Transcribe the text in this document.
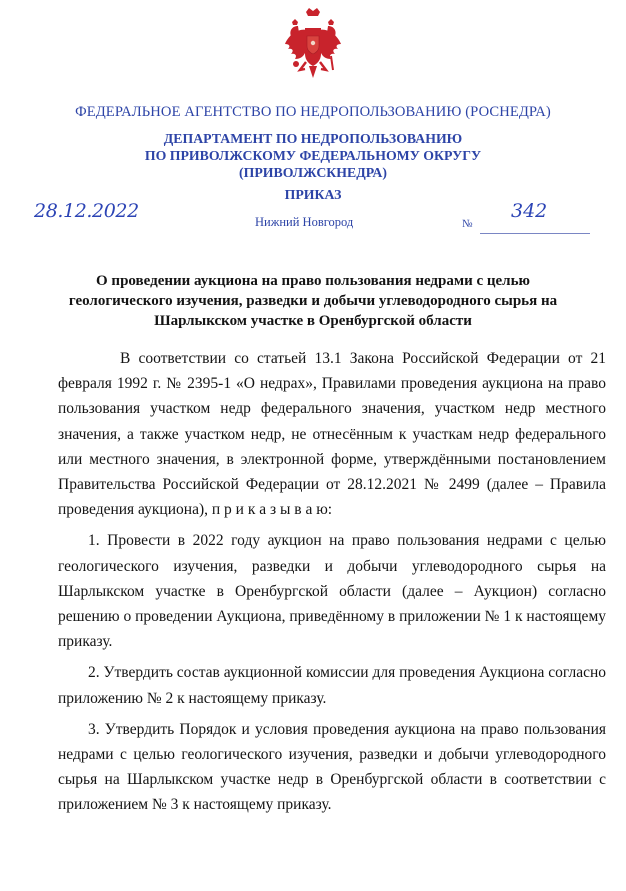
ФЕДЕРАЛЬНОЕ АГЕНТСТВО ПО НЕДРОПОЛЬЗОВАНИЮ (РОСНЕДРА)
ДЕПАРТАМЕНТ ПО НЕДРОПОЛЬЗОВАНИЮ
ПО ПРИВОЛЖСКОМУ ФЕДЕРАЛЬНОМУ ОКРУГУ
(ПРИВОЛЖСКНЕДРА)
ПРИКАЗ
28.12.2022	Нижний Новгород	№
342
О проведении аукциона на право пользования недрами с целью
геологического изучения, разведки и добычи углеводородного сырья на
Шарлыкском участке в Оренбургской области

В соответствии со статьей 13.1 Закона Российской Федерации от 21 февраля 1992 г. № 2395-1 «О недрах», Правилами проведения аукциона на право пользования участком недр федерального значения, участком недр местного значения, а также участком недр, не отнесённым к участкам недр федерального или местного значения, в электронной форме, утверждёнными постановлением Правительства Российской Федерации от 28.12.2021 № 2499 (далее – Правила проведения аукциона), п р и к а з ы в а ю:

1. Провести в 2022 году аукцион на право пользования недрами с целью геологического изучения, разведки и добычи углеводородного сырья на Шарлыкском участке в Оренбургской области (далее – Аукцион) согласно решению о проведении Аукциона, приведённому в приложении № 1 к настоящему приказу.

2. Утвердить состав аукционной комиссии для проведения Аукциона согласно приложению № 2 к настоящему приказу.

3. Утвердить Порядок и условия проведения аукциона на право пользования недрами с целью геологического изучения, разведки и добычи углеводородного сырья на Шарлыкском участке недр в Оренбургской области в соответствии с приложением № 3 к настоящему приказу.
